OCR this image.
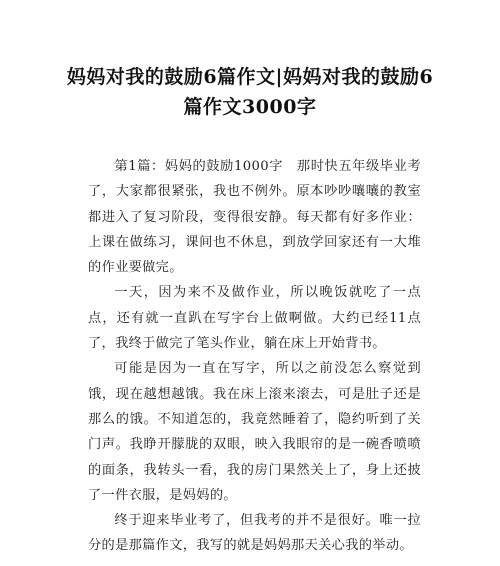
妈妈对我的鼓励6篇作文|妈妈对我的鼓励6篇作文3000字

第1篇：妈妈的鼓励1000字　那时快五年级毕业考了，大家都很紧张，我也不例外。原本吵吵嚷嚷的教室都进入了复习阶段，变得很安静。每天都有好多作业：上课在做练习，课间也不休息，到放学回家还有一大堆的作业要做完。

一天，因为来不及做作业，所以晚饭就吃了一点点，还有就一直趴在写字台上做啊做。大约已经11点了，我终于做完了笔头作业，躺在床上开始背书。

可能是因为一直在写字，所以之前没怎么察觉到饿，现在越想越饿。我在床上滚来滚去，可是肚子还是那么的饿。不知道怎的，我竟然睡着了，隐约听到了关门声。我睁开朦胧的双眼，映入我眼帘的是一碗香喷喷的面条，我转头一看，我的房门果然关上了，身上还披了一件衣服，是妈妈的。

终于迎来毕业考了，但我考的并不是很好。唯一拉分的是那篇作文，我写的就是妈妈那天关心我的举动。
